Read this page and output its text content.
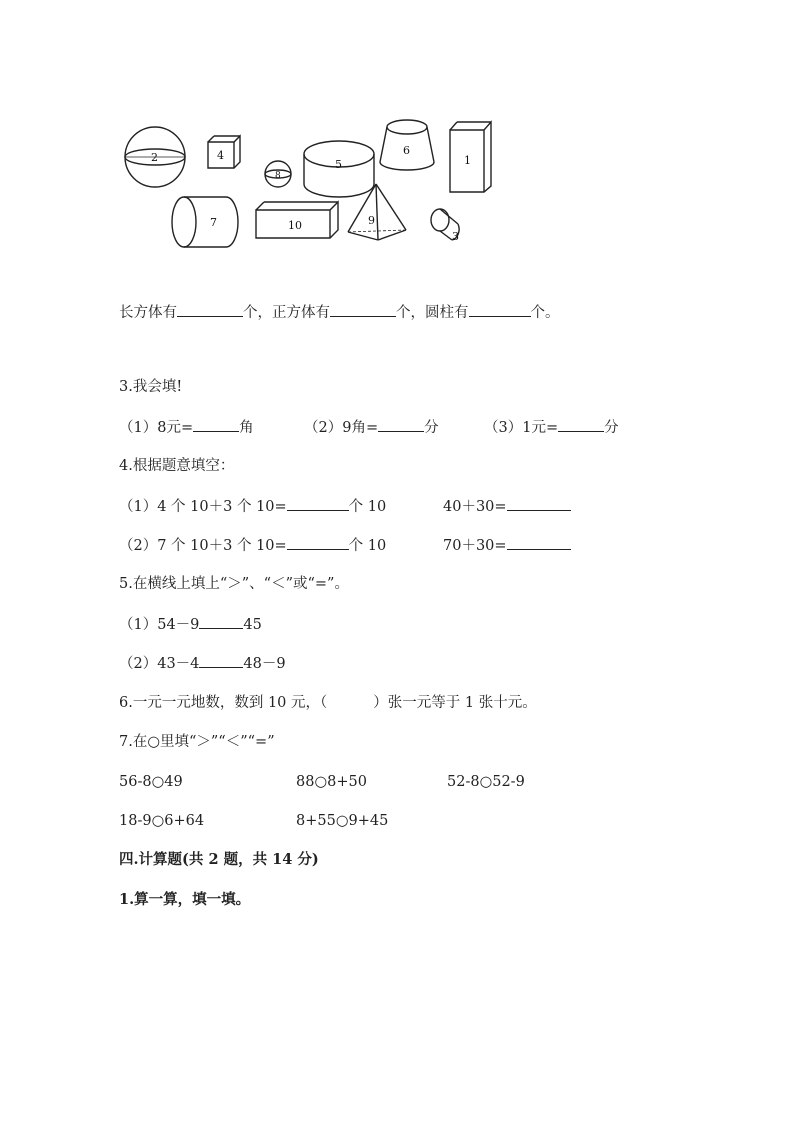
2	4
8
5
6
1
7	10	9
3
长方体有	个，正方体有	个，圆柱有	个。
3.我会填!
（1）8元=	角	（2）9角=	分	（3）1元=	分
4.根据题意填空：
（1）4 个 10＋3 个 10=	个 10	40＋30=
（2）7 个 10＋3 个 10=	个 10	70＋30=
5.在横线上填上“＞”、“＜”或“=”。
（1）54－9	45
（2）43－4	48－9
6.一元一元地数，数到 10 元，（	）张一元等于 1 张十元。
7.在○里填“＞”“＜”“=”
56-8○49	88○8+50	52-8○52-9
18-9○6+64	8+55○9+45
四.计算题(共 2 题，共 14 分)
1.算一算，填一填。
